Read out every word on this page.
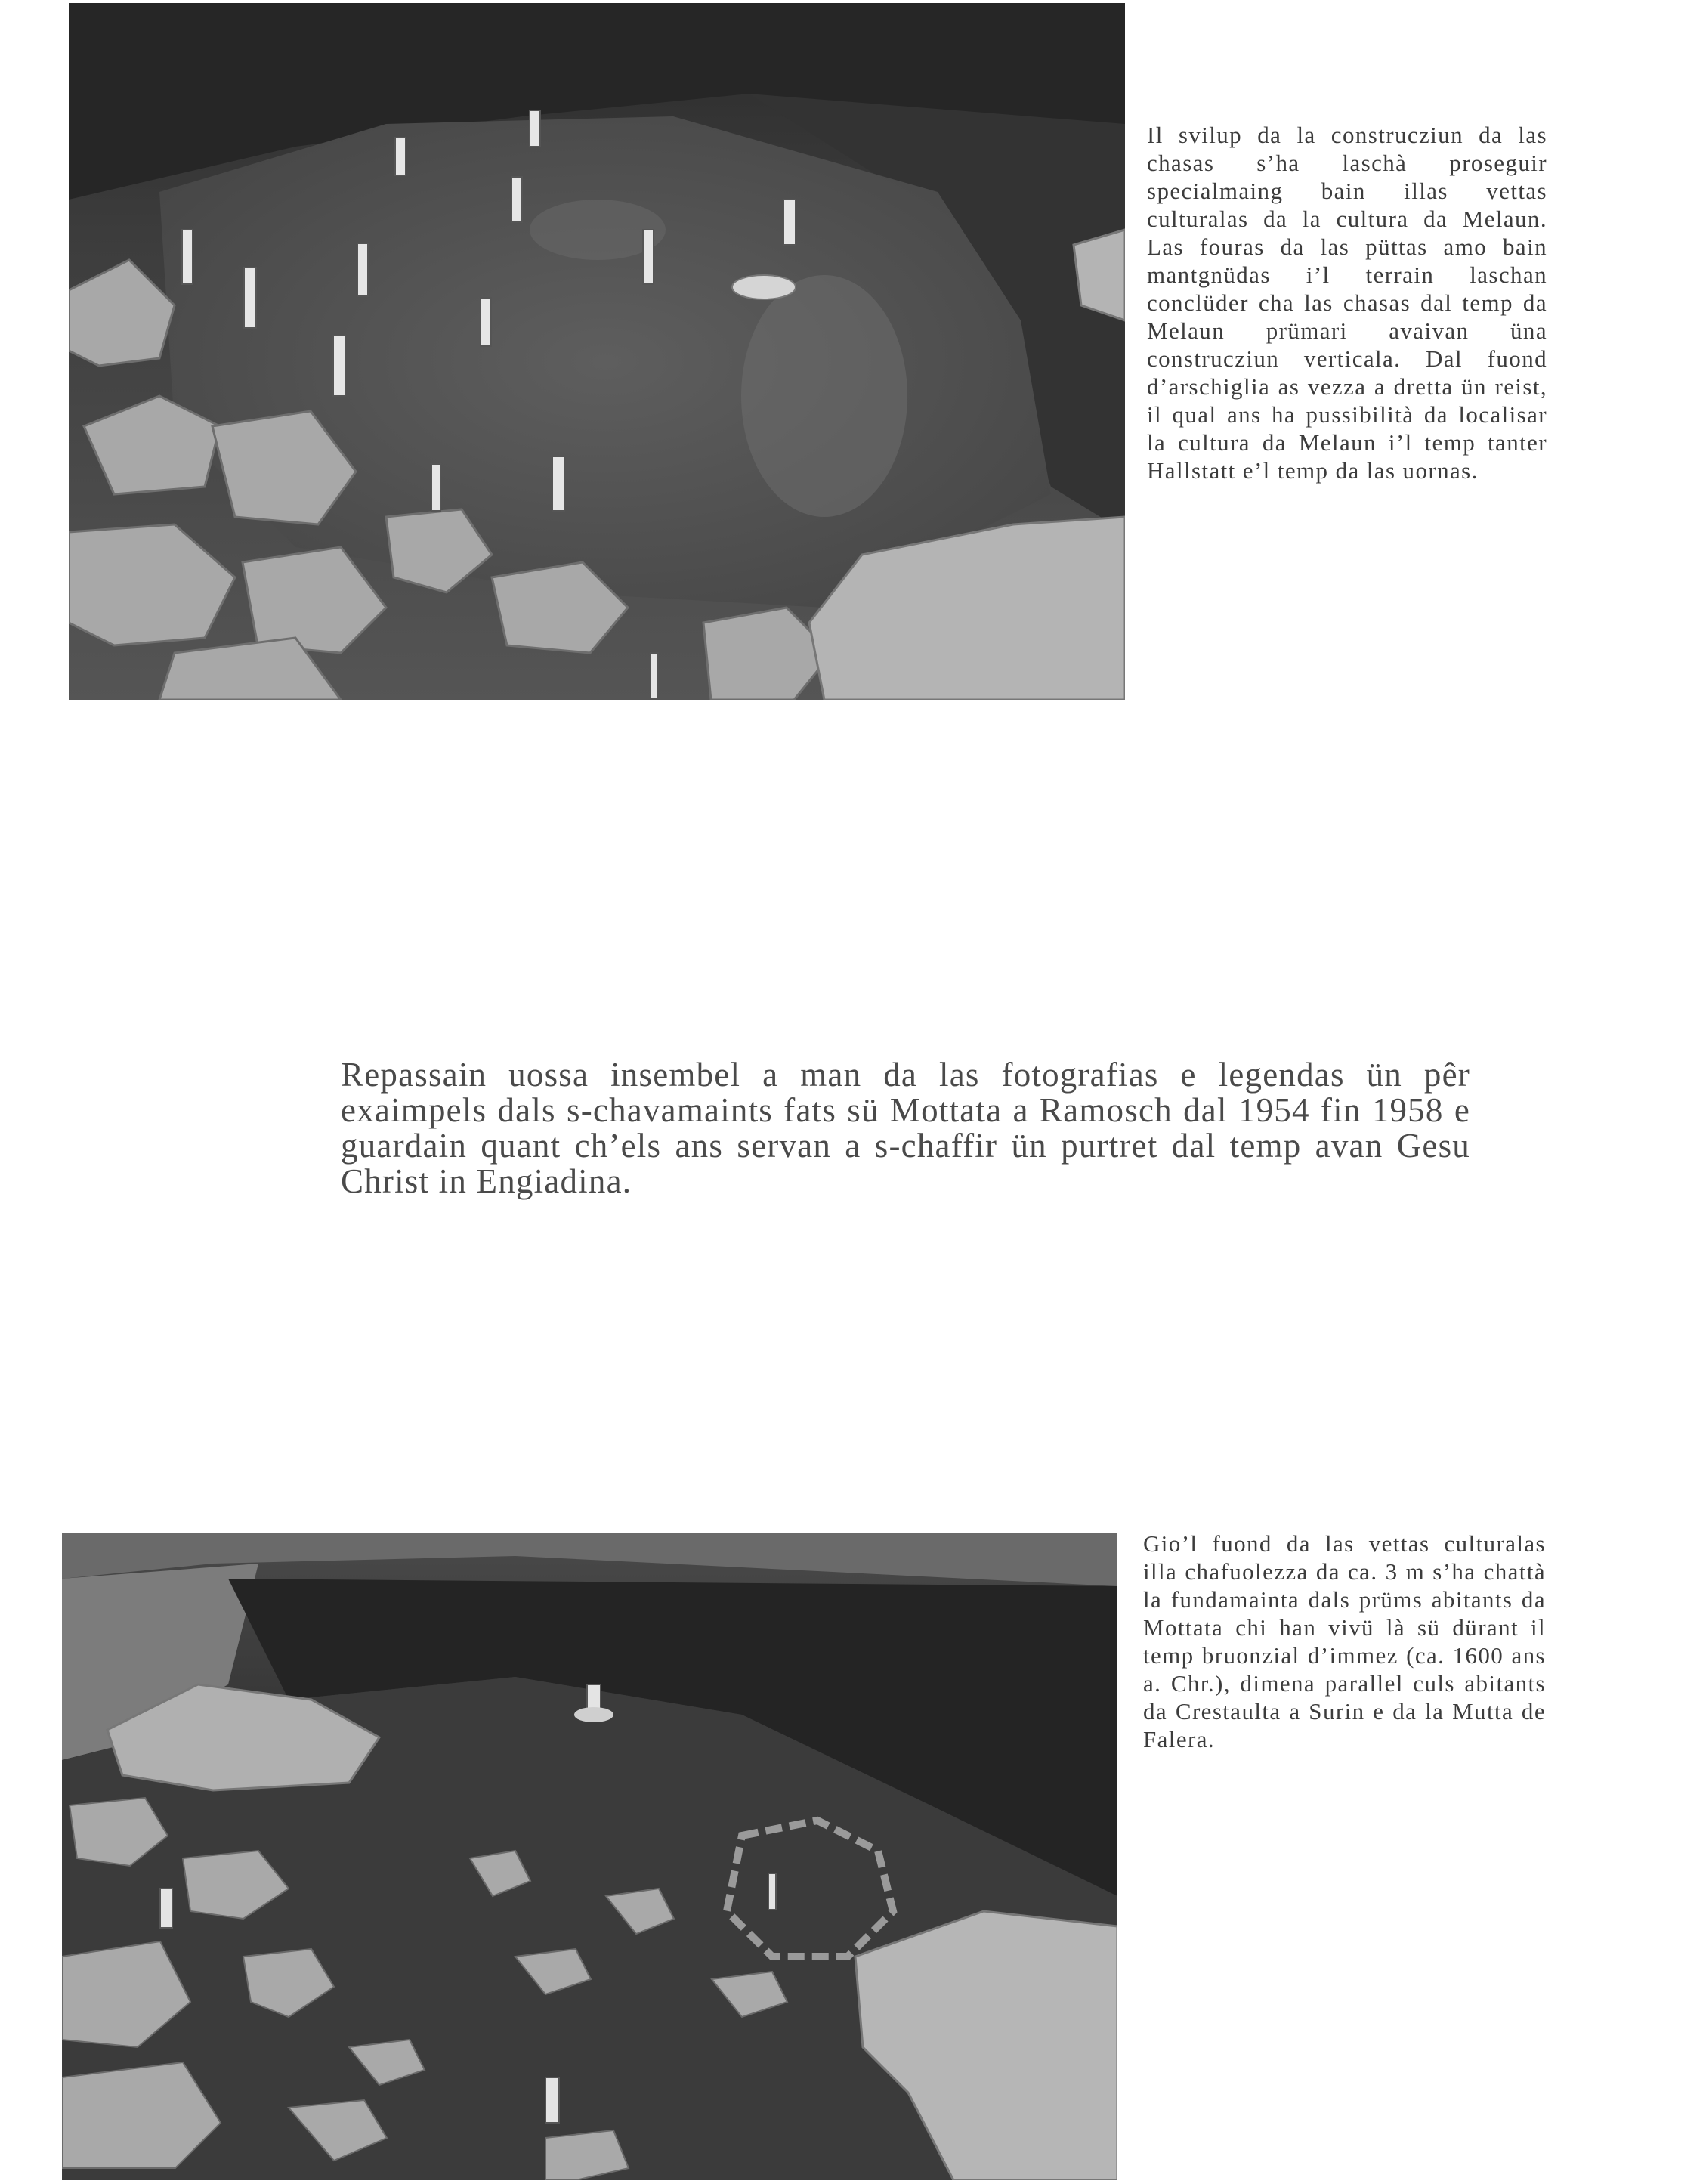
Il svilup da la construcziun da las chasas s’ha laschà proseguir specialmaing bain illas vettas culturalas da la cultura da Melaun. Las fouras da las püttas amo bain mantgnüdas i’l terrain laschan conclüder cha las chasas dal temp da Melaun prümari avaivan üna construcziun verticala. Dal fuond d’arschiglia as vezza a dretta ün reist, il qual ans ha pussibilità da localisar la cultura da Melaun i’l temp tanter Hallstatt e’l temp da las uornas.

Repassain uossa insembel a man da las fotografias e legendas ün pêr exaimpels dals s-chavamaints fats sü Mottata a Ramosch dal 1954 fin 1958 e guardain quant ch’els ans servan a s-chaffir ün purtret dal temp avan Gesu Christ in Engiadina.

Gio’l fuond da las vettas culturalas illa chafuolezza da ca. 3 m s’ha chattà la fundamainta dals prüms abitants da Mottata chi han vivü là sü dürant il temp bruonzial d’immez (ca. 1600 ans a. Chr.), dimena parallel culs abitants da Crestaulta a Surin e da la Mutta de Falera.
